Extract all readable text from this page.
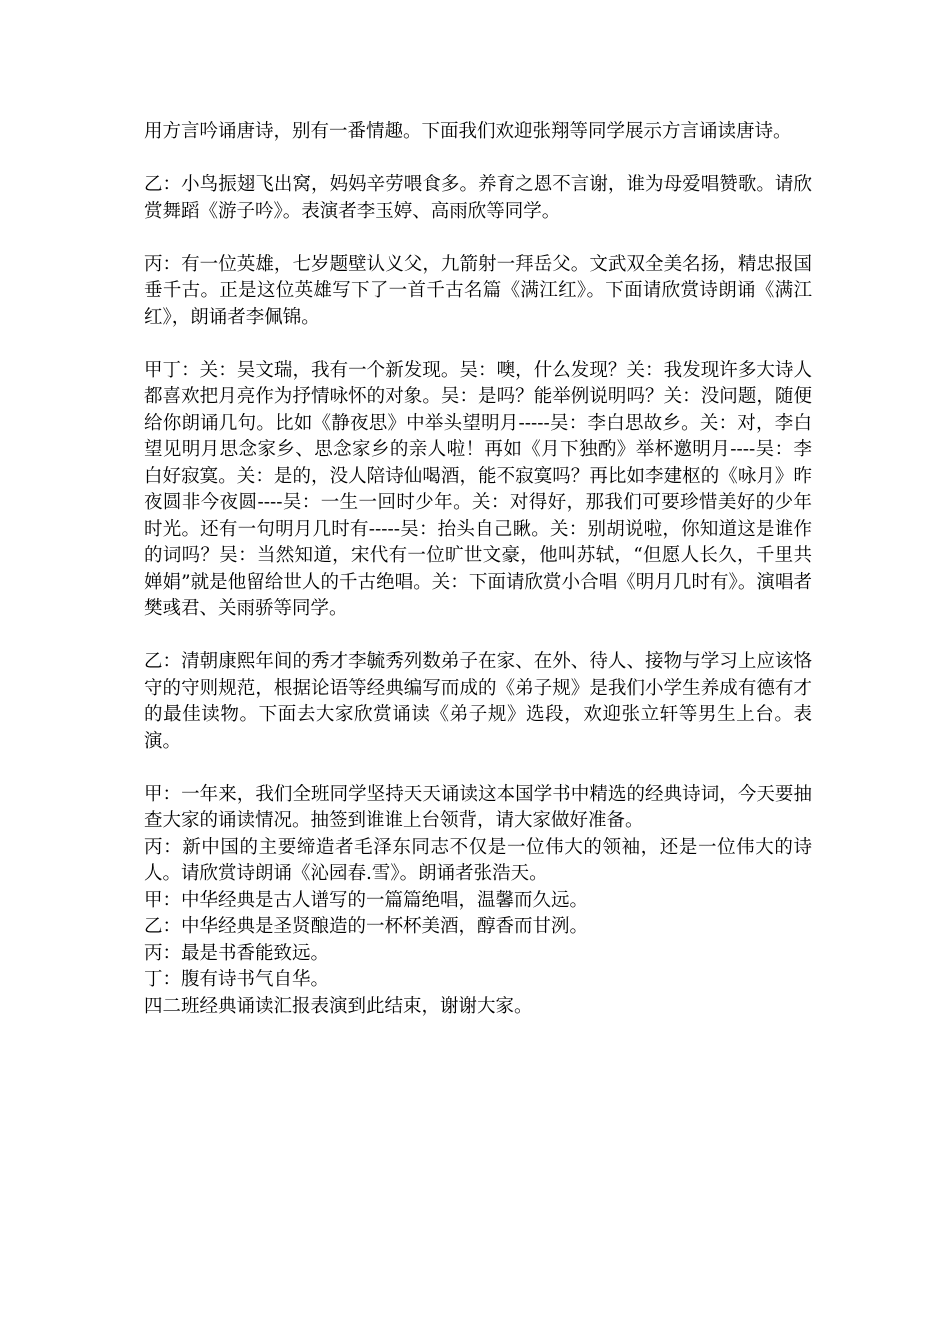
用方言吟诵唐诗，别有一番情趣。下面我们欢迎张翔等同学展示方言诵读唐诗。

乙：小鸟振翅飞出窝，妈妈辛劳喂食多。养育之恩不言谢，谁为母爱唱赞歌。请欣赏舞蹈《游子吟》。表演者李玉婷、高雨欣等同学。

丙：有一位英雄，七岁题壁认义父，九箭射一拜岳父。文武双全美名扬，精忠报国垂千古。正是这位英雄写下了一首千古名篇《满江红》。下面请欣赏诗朗诵《满江红》，朗诵者李佩锦。

甲丁：关：吴文瑞，我有一个新发现。吴：噢，什么发现？关：我发现许多大诗人都喜欢把月亮作为抒情咏怀的对象。吴：是吗？能举例说明吗？关：没问题，随便给你朗诵几句。比如《静夜思》中举头望明月-----吴：李白思故乡。关：对，李白望见明月思念家乡、思念家乡的亲人啦！再如《月下独酌》举杯邀明月----吴：李白好寂寞。关：是的，没人陪诗仙喝酒，能不寂寞吗？再比如李建枢的《咏月》昨夜圆非今夜圆----吴：一生一回时少年。关：对得好，那我们可要珍惜美好的少年时光。还有一句明月几时有-----吴：抬头自己瞅。关：别胡说啦，你知道这是谁作的词吗？吴：当然知道，宋代有一位旷世文豪，他叫苏轼，“但愿人长久，千里共婵娟”就是他留给世人的千古绝唱。关：下面请欣赏小合唱《明月几时有》。演唱者樊彧君、关雨骄等同学。

乙：清朝康熙年间的秀才李毓秀列数弟子在家、在外、待人、接物与学习上应该恪守的守则规范，根据论语等经典编写而成的《弟子规》是我们小学生养成有德有才的最佳读物。下面去大家欣赏诵读《弟子规》选段，欢迎张立轩等男生上台。表演。

甲：一年来，我们全班同学坚持天天诵读这本国学书中精选的经典诗词，今天要抽查大家的诵读情况。抽签到谁谁上台领背，请大家做好准备。

丙：新中国的主要缔造者毛泽东同志不仅是一位伟大的领袖，还是一位伟大的诗人。请欣赏诗朗诵《沁园春.雪》。朗诵者张浩天。

甲：中华经典是古人谱写的一篇篇绝唱，温馨而久远。

乙：中华经典是圣贤酿造的一杯杯美酒，醇香而甘洌。

丙：最是书香能致远。

丁：腹有诗书气自华。

四二班经典诵读汇报表演到此结束，谢谢大家。
